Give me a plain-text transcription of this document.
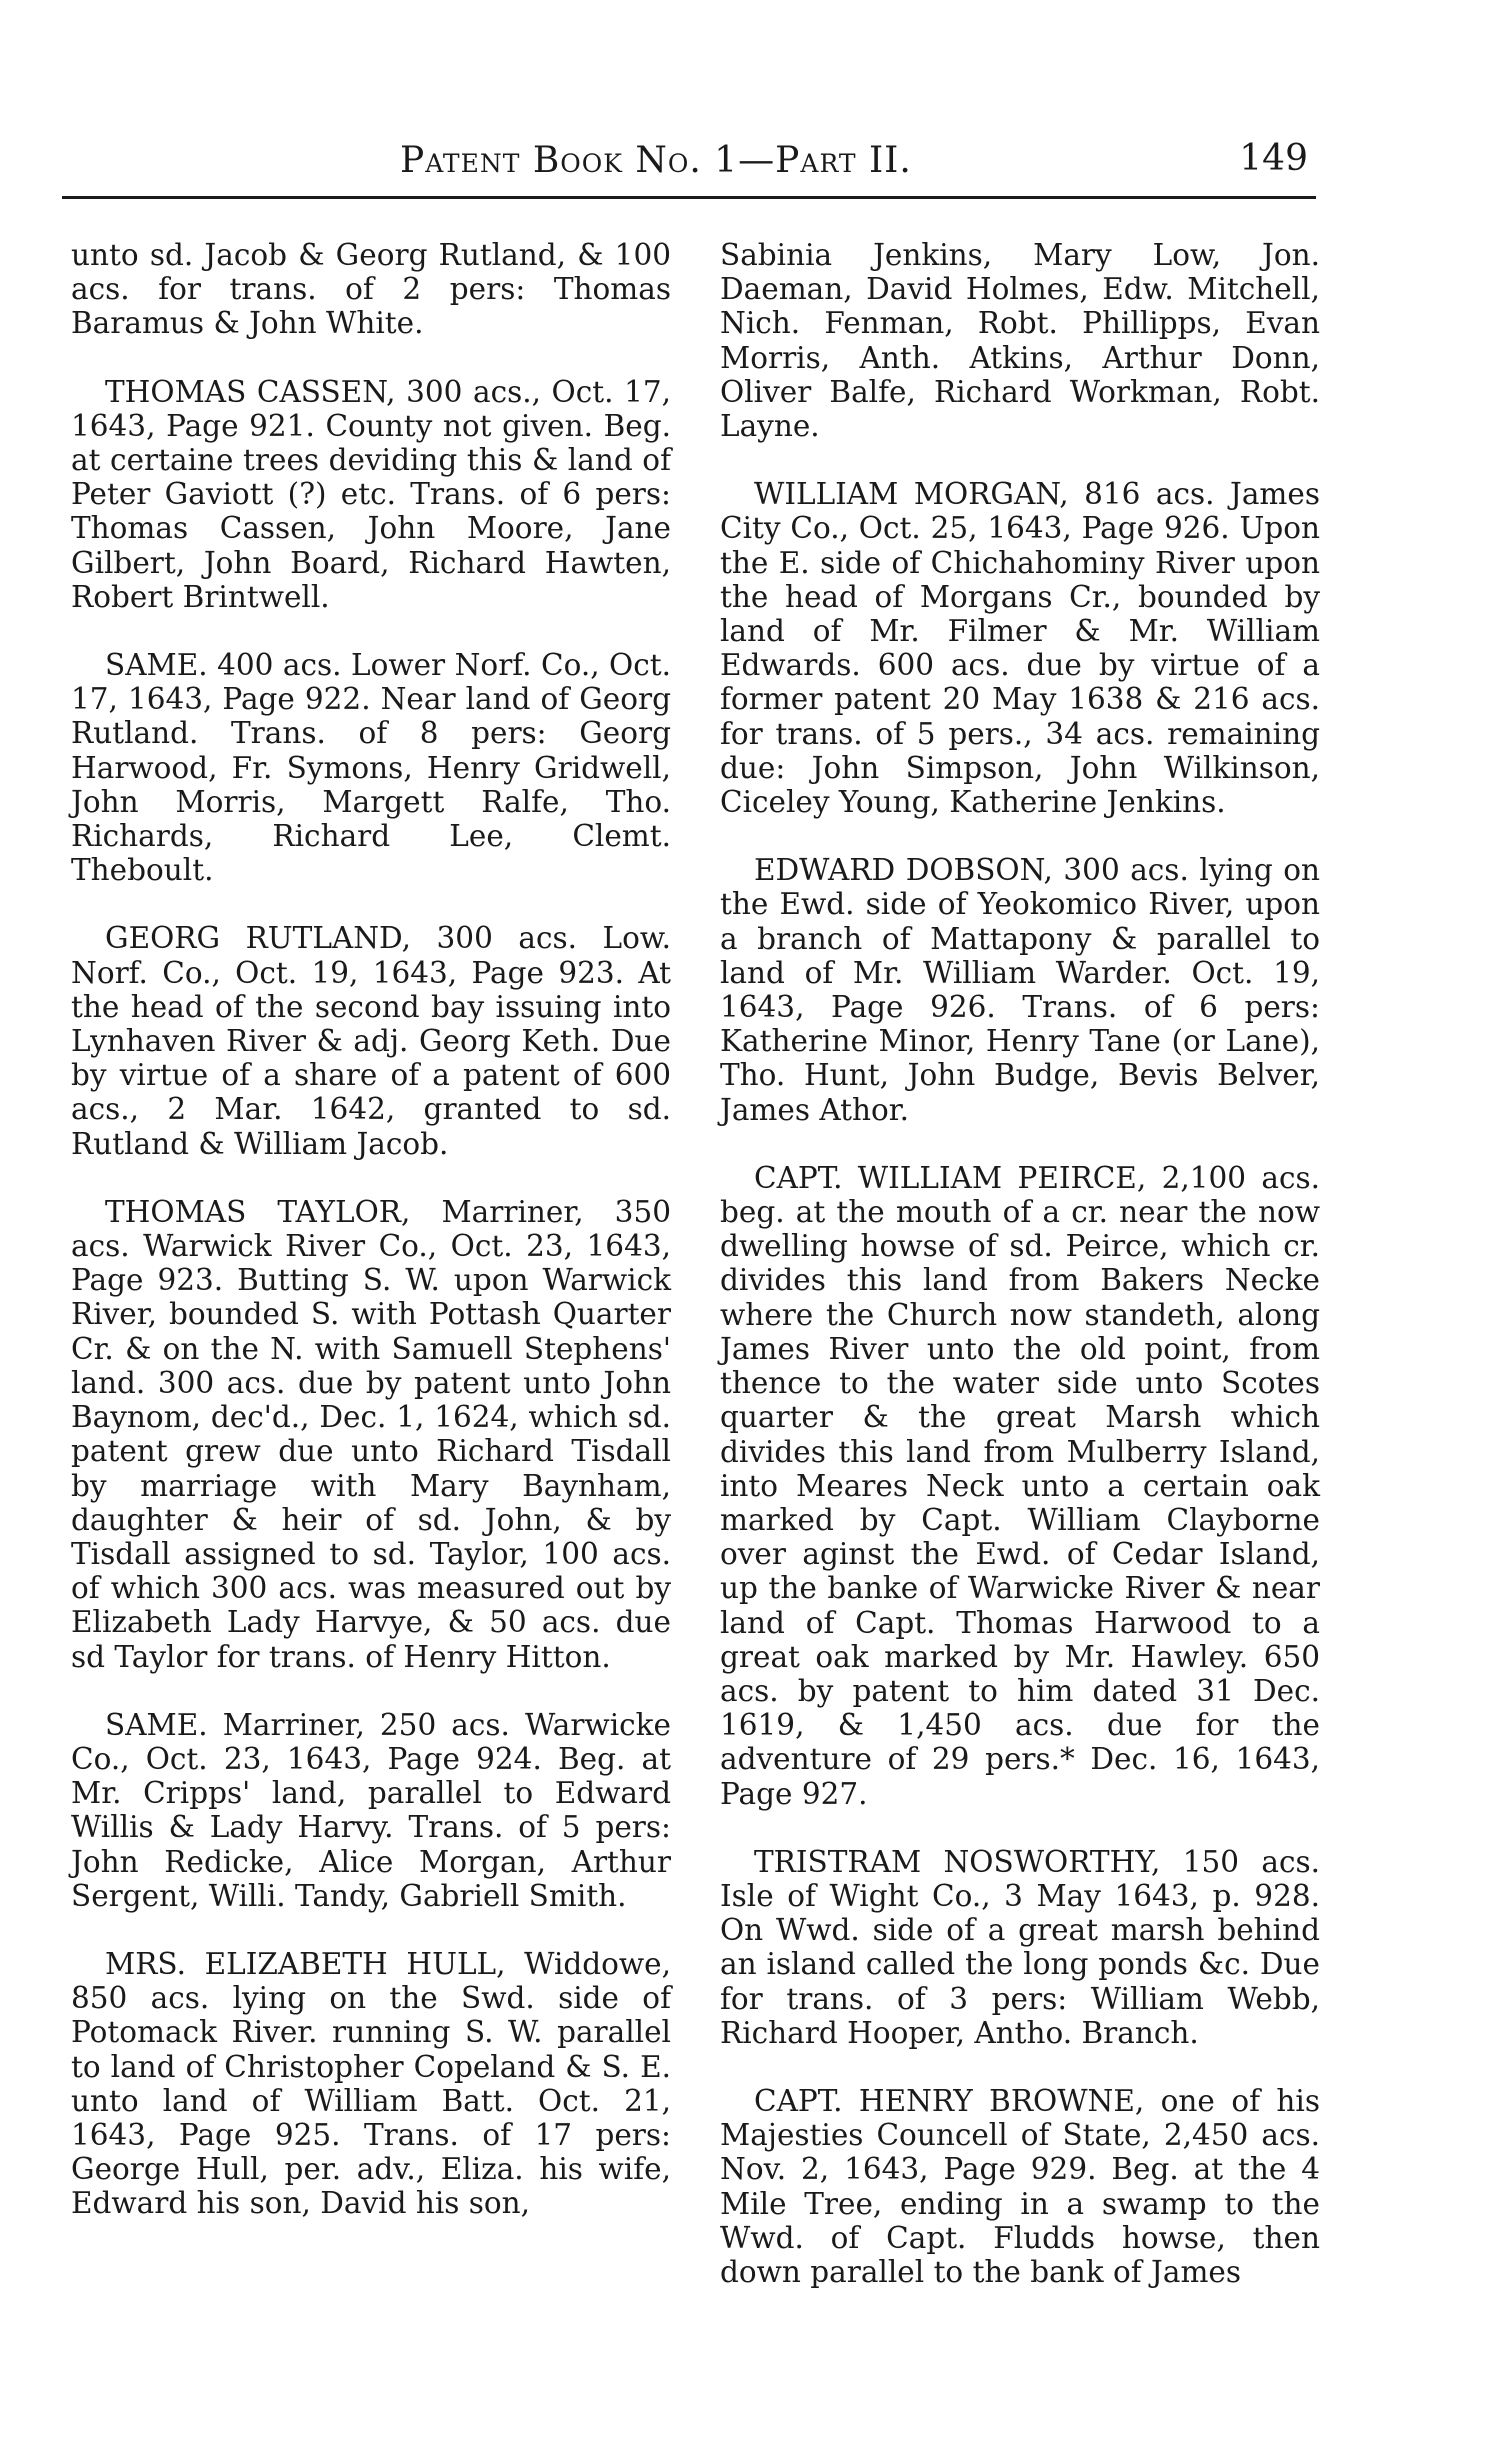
Patent Book No. 1—Part II.	149

unto sd. Jacob & Georg Rutland, & 100 acs. for trans. of 2 pers: Thomas Baramus & John White.

THOMAS CASSEN, 300 acs., Oct. 17, 1643, Page 921. County not given. Beg. at certaine trees deviding this & land of Peter Gaviott (?) etc. Trans. of 6 pers: Thomas Cassen, John Moore, Jane Gilbert, John Board, Richard Hawten, Robert Brintwell.

SAME. 400 acs. Lower Norf. Co., Oct. 17, 1643, Page 922. Near land of Georg Rutland. Trans. of 8 pers: Georg Harwood, Fr. Symons, Henry Gridwell, John Morris, Margett Ralfe, Tho. Richards, Richard Lee, Clemt. Theboult.

GEORG RUTLAND, 300 acs. Low. Norf. Co., Oct. 19, 1643, Page 923. At the head of the second bay issuing into Lynhaven River & adj. Georg Keth. Due by virtue of a share of a patent of 600 acs., 2 Mar. 1642, granted to sd. Rutland & William Jacob.

THOMAS TAYLOR, Marriner, 350 acs. Warwick River Co., Oct. 23, 1643, Page 923. Butting S. W. upon Warwick River, bounded S. with Pottash Quarter Cr. & on the N. with Samuell Stephens' land. 300 acs. due by patent unto John Baynom, dec'd., Dec. 1, 1624, which sd. patent grew due unto Richard Tisdall by marriage with Mary Baynham, daughter & heir of sd. John, & by Tisdall assigned to sd. Taylor, 100 acs. of which 300 acs. was measured out by Elizabeth Lady Harvye, & 50 acs. due sd Taylor for trans. of Henry Hitton.

SAME. Marriner, 250 acs. Warwicke Co., Oct. 23, 1643, Page 924. Beg. at Mr. Cripps' land, parallel to Edward Willis & Lady Harvy. Trans. of 5 pers: John Redicke, Alice Morgan, Arthur Sergent, Willi. Tandy, Gabriell Smith.

MRS. ELIZABETH HULL, Widdowe, 850 acs. lying on the Swd. side of Potomack River. running S. W. parallel to land of Christopher Copeland & S. E. unto land of William Batt. Oct. 21, 1643, Page 925. Trans. of 17 pers: George Hull, per. adv., Eliza. his wife, Edward his son, David his son,

Sabinia Jenkins, Mary Low, Jon. Daeman, David Holmes, Edw. Mitchell, Nich. Fenman, Robt. Phillipps, Evan Morris, Anth. Atkins, Arthur Donn, Oliver Balfe, Richard Workman, Robt. Layne.

WILLIAM MORGAN, 816 acs. James City Co., Oct. 25, 1643, Page 926. Upon the E. side of Chichahominy River upon the head of Morgans Cr., bounded by land of Mr. Filmer & Mr. William Edwards. 600 acs. due by virtue of a former patent 20 May 1638 & 216 acs. for trans. of 5 pers., 34 acs. remaining due: John Simpson, John Wilkinson, Ciceley Young, Katherine Jenkins.

EDWARD DOBSON, 300 acs. lying on the Ewd. side of Yeokomico River, upon a branch of Mattapony & parallel to land of Mr. William Warder. Oct. 19, 1643, Page 926. Trans. of 6 pers: Katherine Minor, Henry Tane (or Lane), Tho. Hunt, John Budge, Bevis Belver, James Athor.

CAPT. WILLIAM PEIRCE, 2,100 acs. beg. at the mouth of a cr. near the now dwelling howse of sd. Peirce, which cr. divides this land from Bakers Necke where the Church now standeth, along James River unto the old point, from thence to the water side unto Scotes quarter & the great Marsh which divides this land from Mulberry Island, into Meares Neck unto a certain oak marked by Capt. William Clayborne over aginst the Ewd. of Cedar Island, up the banke of Warwicke River & near land of Capt. Thomas Harwood to a great oak marked by Mr. Hawley. 650 acs. by patent to him dated 31 Dec. 1619, & 1,450 acs. due for the adventure of 29 pers.* Dec. 16, 1643, Page 927.

TRISTRAM NOSWORTHY, 150 acs. Isle of Wight Co., 3 May 1643, p. 928. On Wwd. side of a great marsh behind an island called the long ponds &c. Due for trans. of 3 pers: William Webb, Richard Hooper, Antho. Branch.

CAPT. HENRY BROWNE, one of his Majesties Councell of State, 2,450 acs. Nov. 2, 1643, Page 929. Beg. at the 4 Mile Tree, ending in a swamp to the Wwd. of Capt. Fludds howse, then down parallel to the bank of James
